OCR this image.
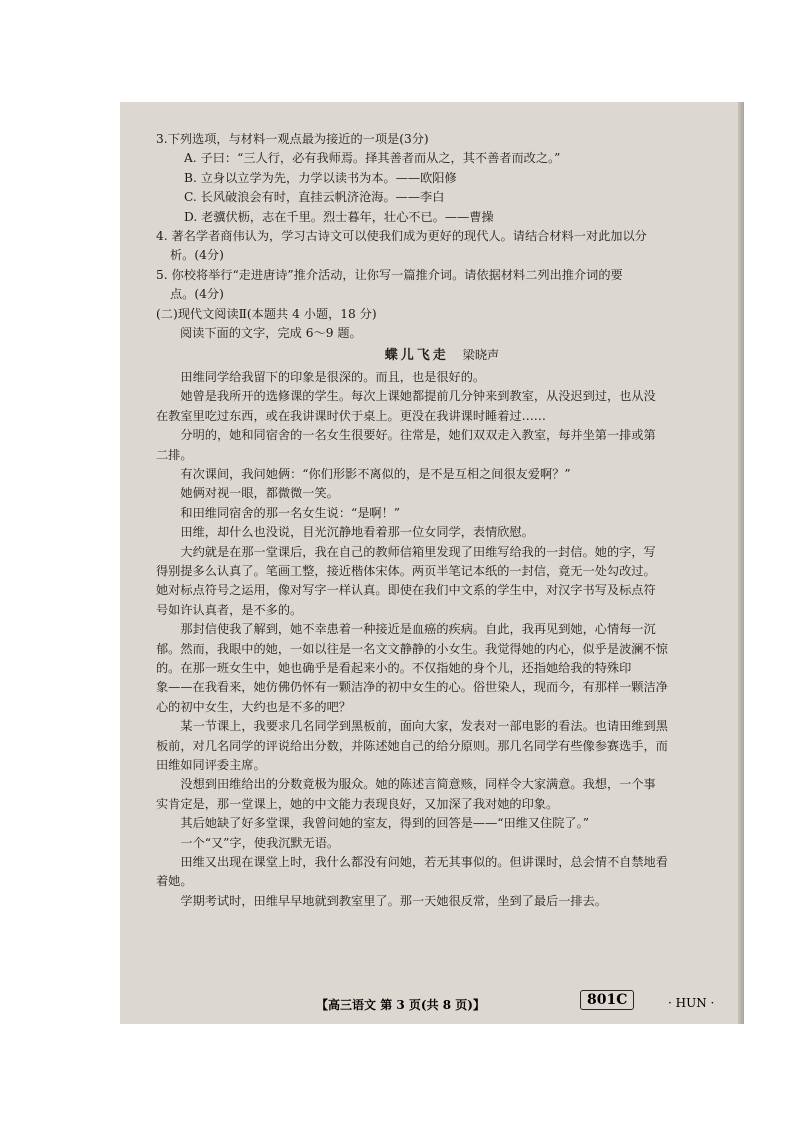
3.下列选项，与材料一观点最为接近的一项是(3分)

A. 子曰：“三人行，必有我师焉。择其善者而从之，其不善者而改之。”

B. 立身以立学为先，力学以读书为本。——欧阳修

C. 长风破浪会有时，直挂云帆济沧海。——李白

D. 老骥伏枥，志在千里。烈士暮年，壮心不已。——曹操

4. 著名学者商伟认为，学习古诗文可以使我们成为更好的现代人。请结合材料一对此加以分

析。(4分)

5. 你校将举行“走进唐诗”推介活动，让你写一篇推介词。请依据材料二列出推介词的要

点。(4分)

(二)现代文阅读Ⅱ(本题共 4 小题，18 分)

阅读下面的文字，完成 6～9 题。

蝶儿飞走 梁晓声
田维同学给我留下的印象是很深的。而且，也是很好的。
她曾是我所开的选修课的学生。每次上课她都提前几分钟来到教室，从没迟到过，也从没
在教室里吃过东西，或在我讲课时伏于桌上。更没在我讲课时睡着过……
分明的，她和同宿舍的一名女生很要好。往常是，她们双双走入教室，每并坐第一排或第
二排。
有次课间，我问她俩：“你们形影不离似的，是不是互相之间很友爱啊？”
她俩对视一眼，都微微一笑。
和田维同宿舍的那一名女生说：“是啊！”
田维，却什么也没说，目光沉静地看着那一位女同学，表情欣慰。
大约就是在那一堂课后，我在自己的教师信箱里发现了田维写给我的一封信。她的字，写
得别提多么认真了。笔画工整，接近楷体宋体。两页半笔记本纸的一封信，竟无一处勾改过。
她对标点符号之运用，像对写字一样认真。即使在我们中文系的学生中，对汉字书写及标点符
号如许认真者，是不多的。
那封信使我了解到，她不幸患着一种接近是血癌的疾病。自此，我再见到她，心情每一沉
郁。然而，我眼中的她，一如以往是一名文文静静的小女生。我觉得她的内心，似乎是波澜不惊
的。在那一班女生中，她也确乎是看起来小的。不仅指她的身个儿，还指她给我的特殊印
象——在我看来，她仿佛仍怀有一颗洁净的初中女生的心。俗世染人，现而今，有那样一颗洁净
心的初中女生，大约也是不多的吧？
某一节课上，我要求几名同学到黑板前，面向大家，发表对一部电影的看法。也请田维到黑
板前，对几名同学的评说给出分数，并陈述她自己的给分原则。那几名同学有些像参赛选手，而
田维如同评委主席。
没想到田维给出的分数竟极为服众。她的陈述言简意赅，同样令大家满意。我想，一个事
实肯定是，那一堂课上，她的中文能力表现良好，又加深了我对她的印象。
其后她缺了好多堂课，我曾问她的室友，得到的回答是——“田维又住院了。”
一个“又”字，使我沉默无语。
田维又出现在课堂上时，我什么都没有问她，若无其事似的。但讲课时，总会情不自禁地看
着她。
学期考试时，田维早早地就到教室里了。那一天她很反常，坐到了最后一排去。
【高三语文 第 3 页(共 8 页)】	801C	· HUN ·
